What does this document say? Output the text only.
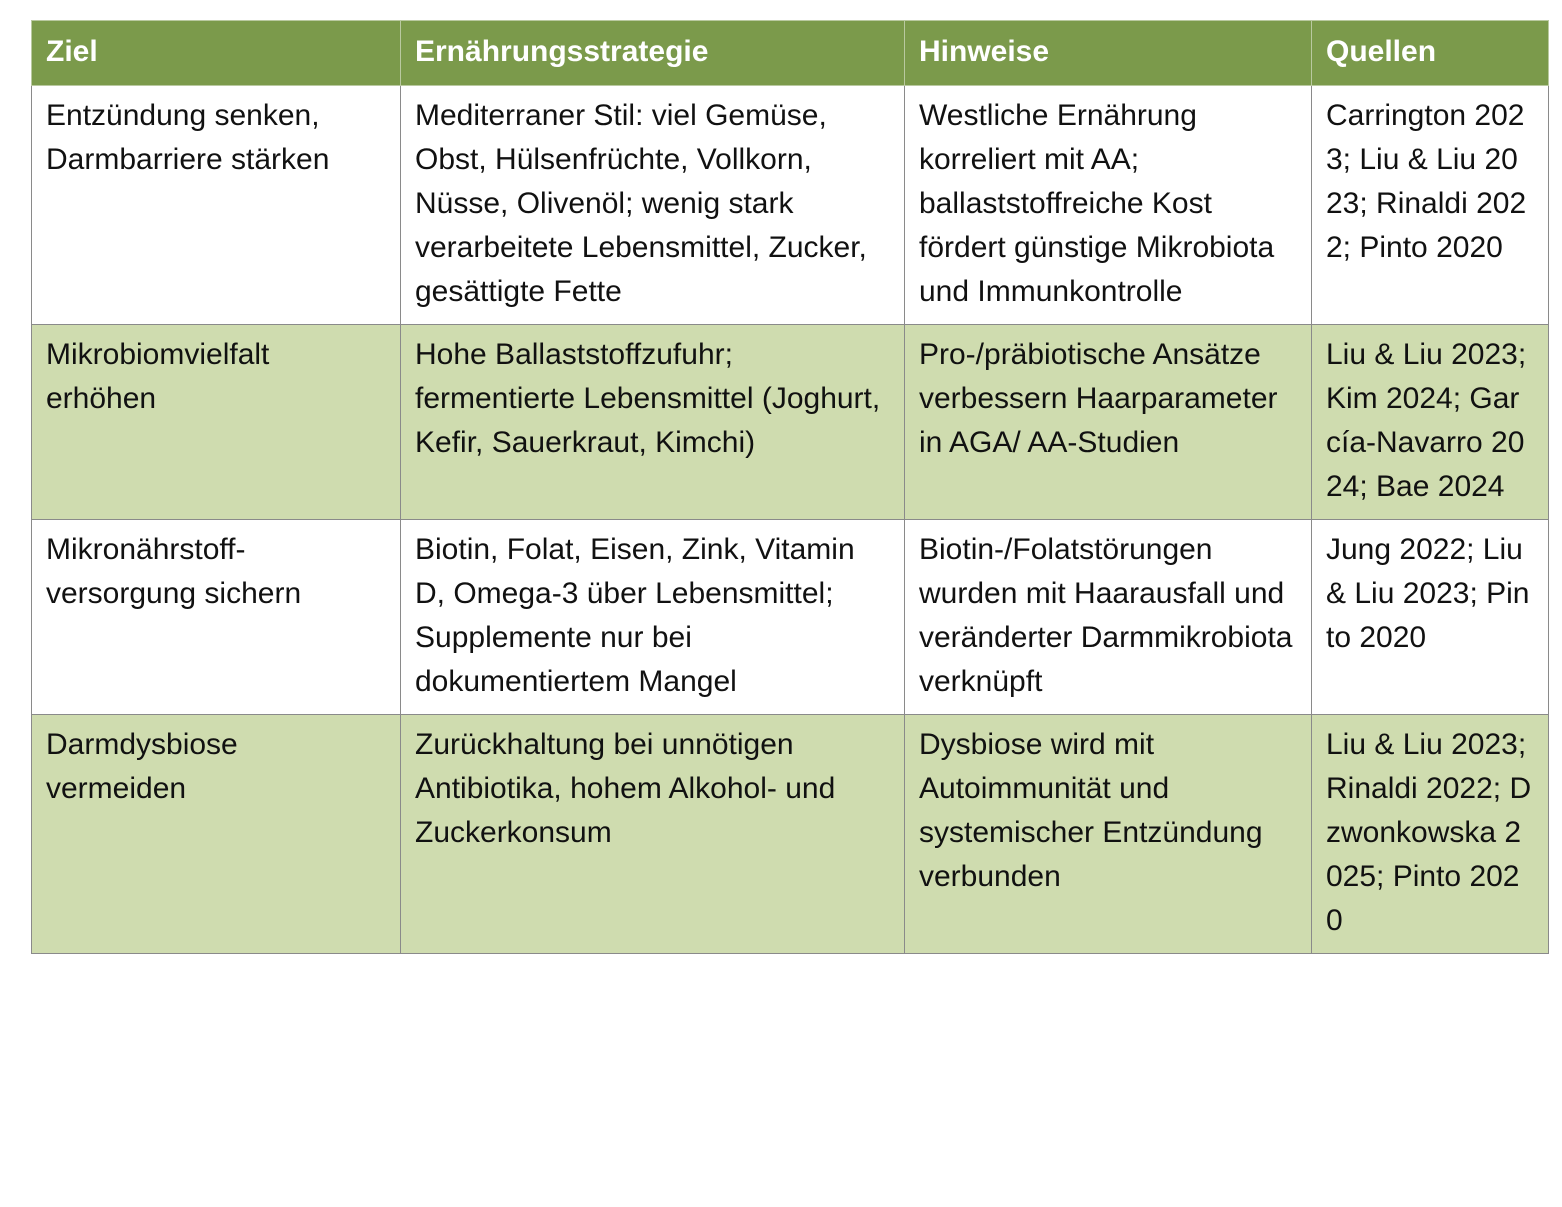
Ziel	Ernährungsstrategie	Hinweise	Quellen
Entzündung senken, Darmbarriere stärken	Mediterraner Stil: viel Gemüse, Obst, Hülsenfrüchte, Vollkorn, Nüsse, Olivenöl; wenig stark verarbeitete Lebensmittel, Zucker, gesättigte Fette	Westliche Ernährung korreliert mit AA; ballaststoffreiche Kost fördert günstige Mikrobiota und Immunkontrolle	Carrington 2023; Liu & Liu 2023; Rinaldi 2022; Pinto 2020
Mikrobiomvielfalt erhöhen	Hohe Ballaststoffzufuhr; fermentierte Lebensmittel (Joghurt, Kefir, Sauerkraut, Kimchi)	Pro-/präbiotische Ansätze verbessern Haarparameter in AGA/ AA-Studien	Liu & Liu 2023; Kim 2024; García-Navarro 2024; Bae 2024
Mikronährstoff-versorgung sichern	Biotin, Folat, Eisen, Zink, Vitamin D, Omega-3 über Lebensmittel; Supplemente nur bei dokumentiertem Mangel	Biotin-/Folatstörungen wurden mit Haarausfall und veränderter Darmmikrobiota verknüpft	Jung 2022; Liu & Liu 2023; Pinto 2020
Darmdysbiose vermeiden	Zurückhaltung bei unnötigen Antibiotika, hohem Alkohol- und Zuckerkonsum	Dysbiose wird mit Autoimmunität und systemischer Entzündung verbunden	Liu & Liu 2023; Rinaldi 2022; Dzwonkowska 2025; Pinto 2020
